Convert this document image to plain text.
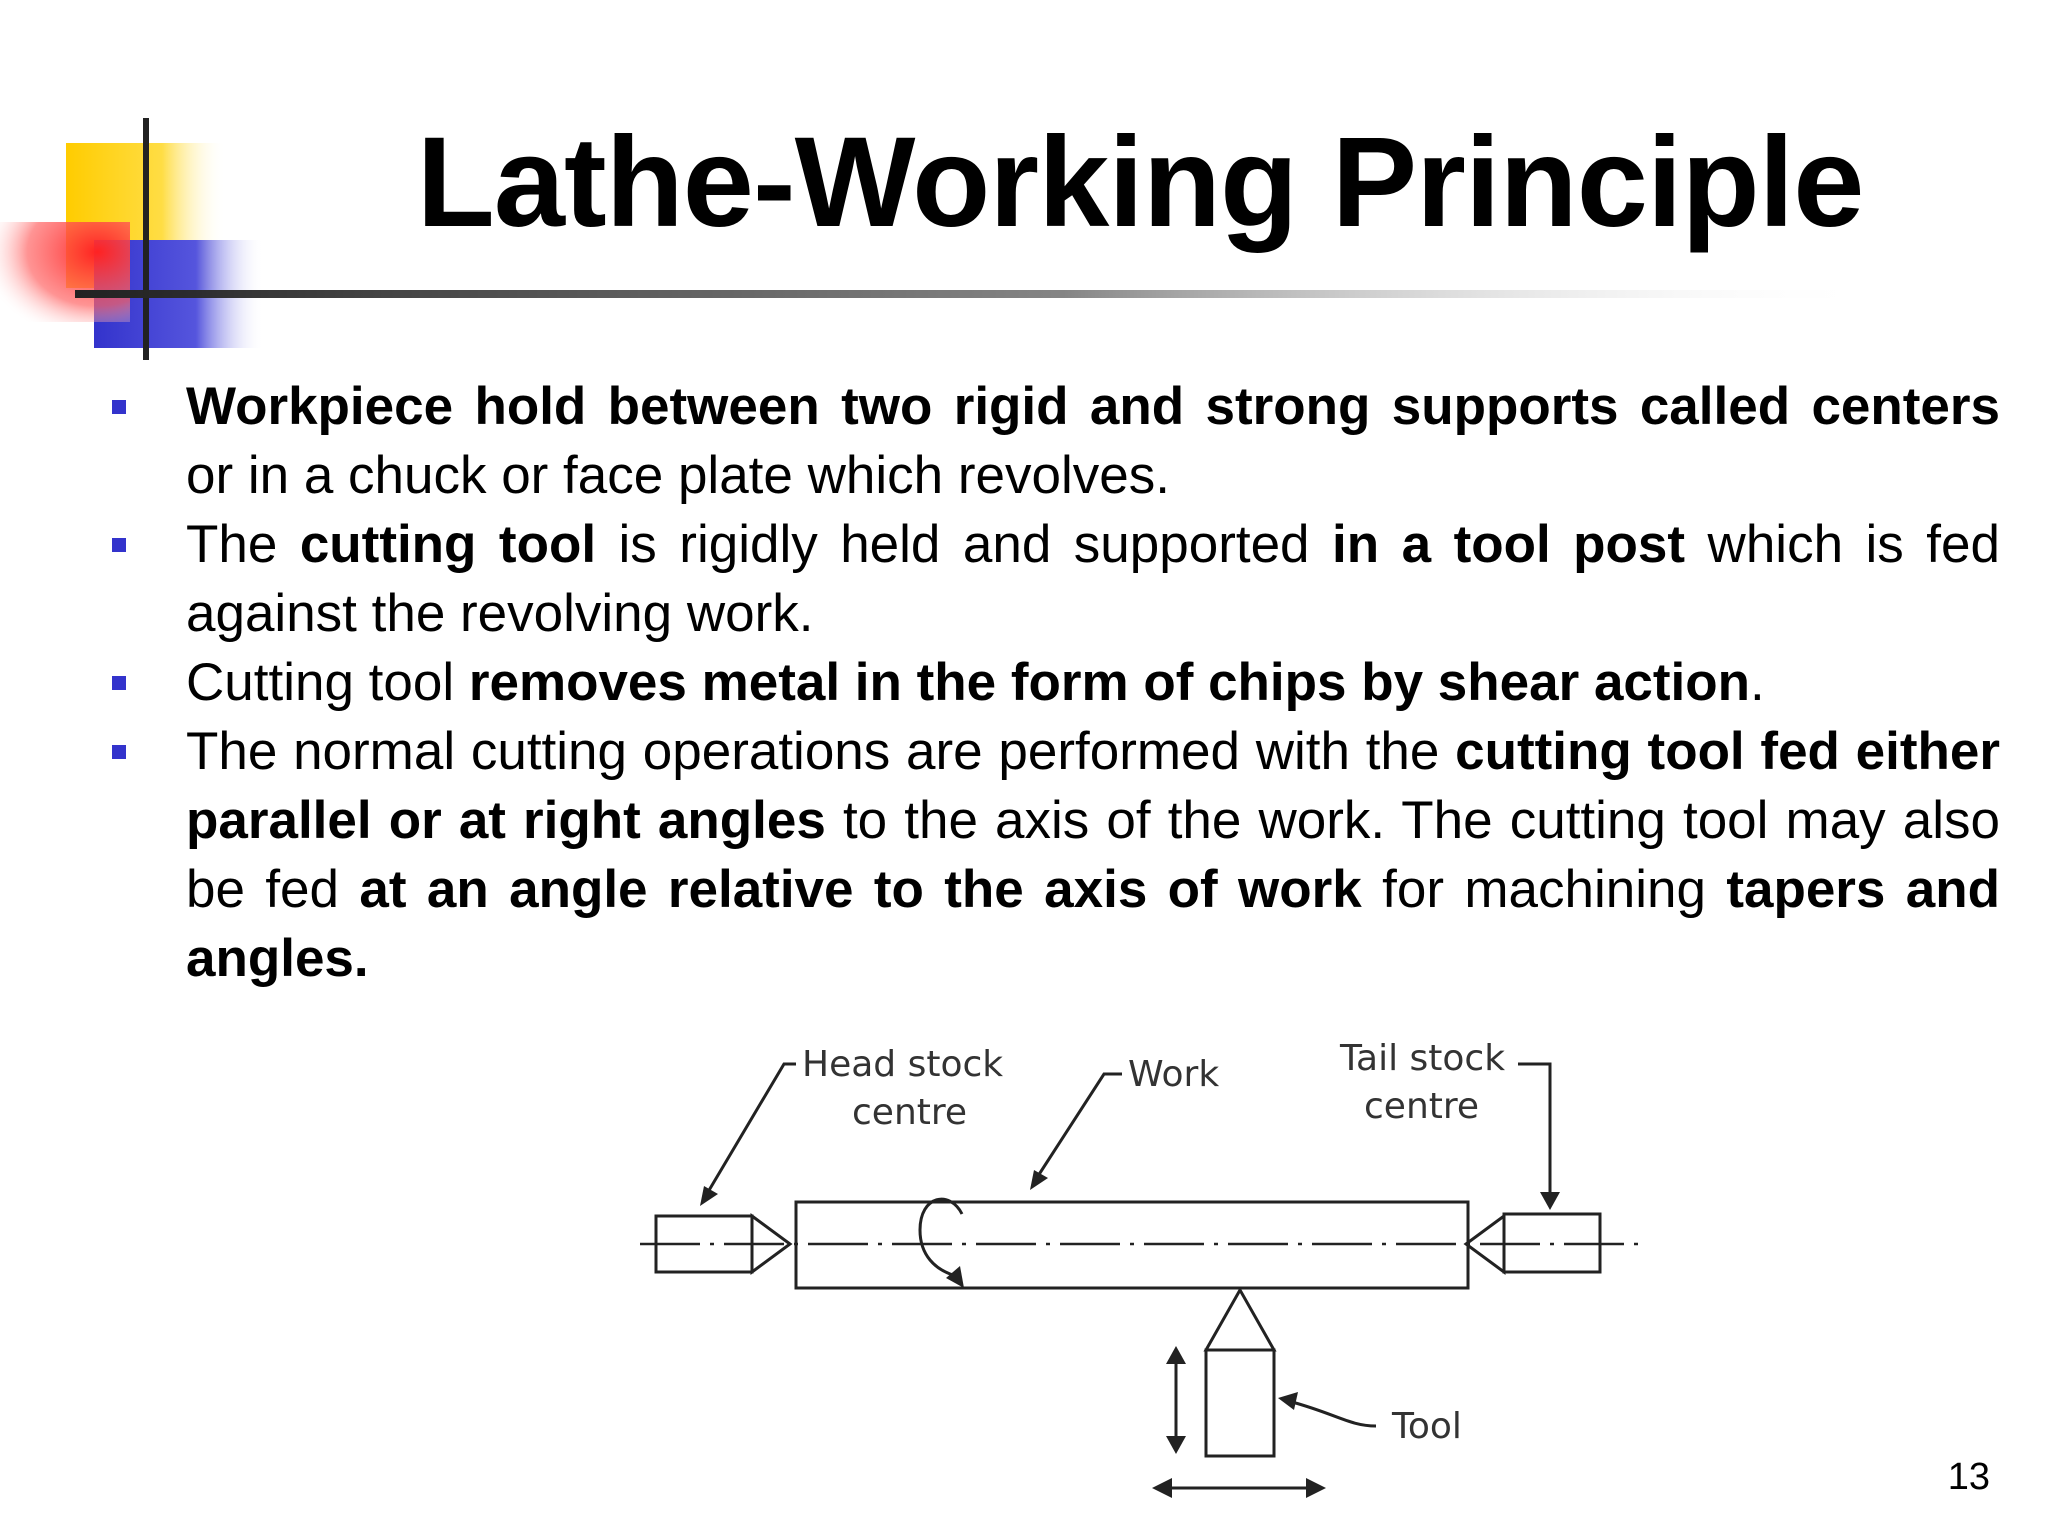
Lathe-Working Principle
Workpiece hold between two rigid and strong supports called centers or in a chuck or face plate which revolves.
The cutting tool is rigidly held and supported in a tool post which is fed against the revolving work.
Cutting tool removes metal in the form of chips by shear action.
The normal cutting operations are performed with the cutting tool fed either parallel or at right angles to the axis of the work. The cutting tool may also be fed at an angle relative to the axis of work for machining tapers and angles.
Head stock
centre
Work	Tail stock
centre
Tool
13
